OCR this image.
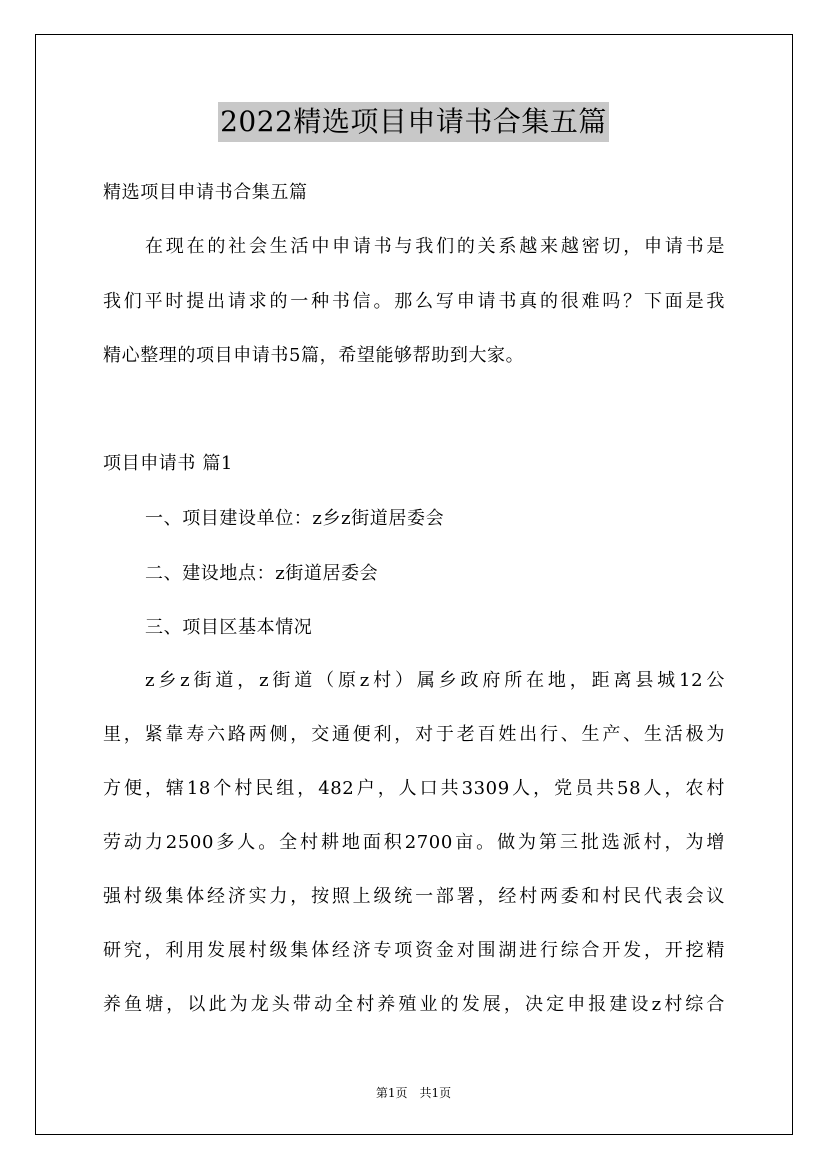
2022精选项目申请书合集五篇
精选项目申请书合集五篇
在现在的社会生活中申请书与我们的关系越来越密切，申请书是
我们平时提出请求的一种书信。那么写申请书真的很难吗？下面是我
精心整理的项目申请书5篇，希望能够帮助到大家。
项目申请书 篇1
一、项目建设单位：z乡z街道居委会
二、建设地点：z街道居委会
三、项目区基本情况
z乡z街道，z街道（原z村）属乡政府所在地，距离县城12公
里，紧靠寿六路两侧，交通便利，对于老百姓出行、生产、生活极为
方便，辖18个村民组，482户，人口共3309人，党员共58人，农村
劳动力2500多人。全村耕地面积2700亩。做为第三批选派村，为增
强村级集体经济实力，按照上级统一部署，经村两委和村民代表会议
研究，利用发展村级集体经济专项资金对围湖进行综合开发，开挖精
养鱼塘，以此为龙头带动全村养殖业的发展，决定申报建设z村综合
第1页　共1页
